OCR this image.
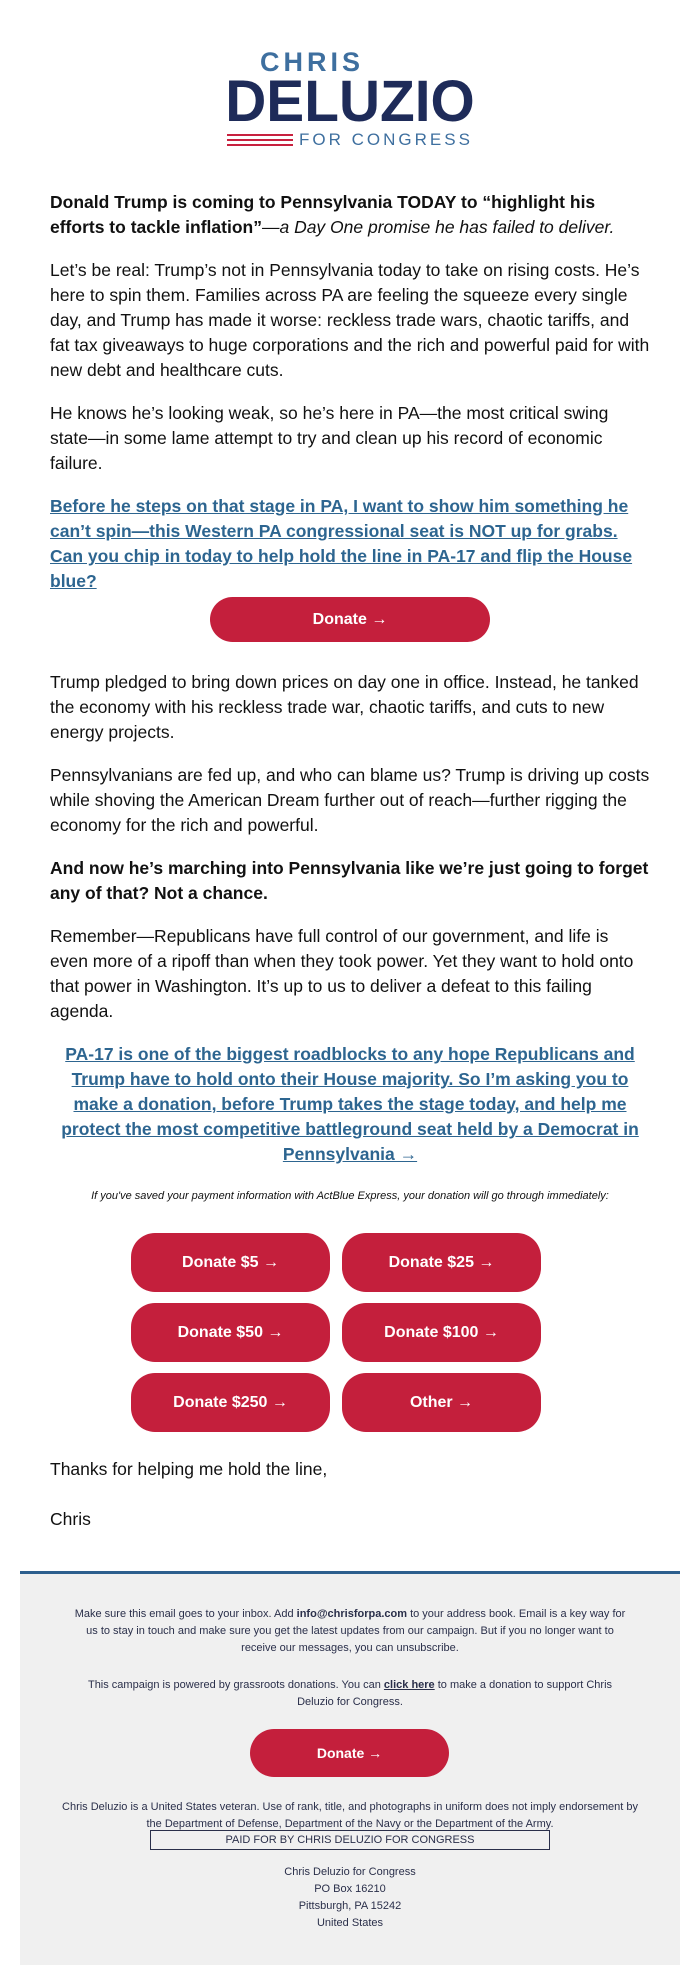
CHRIS
DELUZIO
FOR CONGRESS

Donald Trump is coming to Pennsylvania TODAY to “highlight his efforts to tackle inflation”—a Day One promise he has failed to deliver.

Let’s be real: Trump’s not in Pennsylvania today to take on rising costs. He’s here to spin them. Families across PA are feeling the squeeze every single day, and Trump has made it worse: reckless trade wars, chaotic tariffs, and fat tax giveaways to huge corporations and the rich and powerful paid for with new debt and healthcare cuts.

He knows he’s looking weak, so he’s here in PA—the most critical swing state—in some lame attempt to try and clean up his record of economic failure.

Before he steps on that stage in PA, I want to show him something he can’t spin—this Western PA congressional seat is NOT up for grabs. Can you chip in today to help hold the line in PA-17 and flip the House blue?
Donate →

Trump pledged to bring down prices on day one in office. Instead, he tanked the economy with his reckless trade war, chaotic tariffs, and cuts to new energy projects.

Pennsylvanians are fed up, and who can blame us? Trump is driving up costs while shoving the American Dream further out of reach—further rigging the economy for the rich and powerful.

And now he’s marching into Pennsylvania like we’re just going to forget any of that? Not a chance.

Remember—Republicans have full control of our government, and life is even more of a ripoff than when they took power. Yet they want to hold onto that power in Washington. It’s up to us to deliver a defeat to this failing agenda.

PA-17 is one of the biggest roadblocks to any hope Republicans and Trump have to hold onto their House majority. So I’m asking you to make a donation, before Trump takes the stage today, and help me protect the most competitive battleground seat held by a Democrat in Pennsylvania →
If you've saved your payment information with ActBlue Express, your donation will go through immediately:
Donate $5 →	Donate $25 →
Donate $50 →	Donate $100 →
Donate $250 →	Other →

Thanks for helping me hold the line,

Chris

Make sure this email goes to your inbox. Add info@chrisforpa.com to your address book. Email is a key way for us to stay in touch and make sure you get the latest updates from our campaign. But if you no longer want to receive our messages, you can unsubscribe.
This campaign is powered by grassroots donations. You can click here to make a donation to support Chris Deluzio for Congress.
Donate →
Chris Deluzio is a United States veteran. Use of rank, title, and photographs in uniform does not imply endorsement by the Department of Defense, Department of the Navy or the Department of the Army.
PAID FOR BY CHRIS DELUZIO FOR CONGRESS
Chris Deluzio for Congress
PO Box 16210
Pittsburgh, PA 15242
United States
